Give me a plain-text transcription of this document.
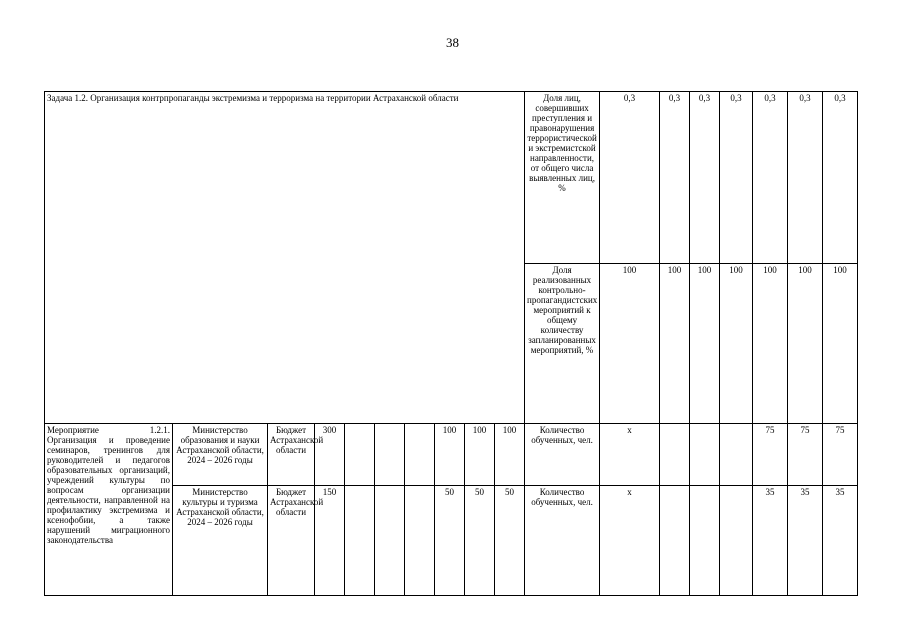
38
Задача 1.2. Организация контрпропаганды экстремизма и терроризма на территории Астраханской области										Доля лиц, совершивших преступления и правонарушения террористической и экстремистской направленности, от общего числа выявленных лиц, %	0,3	0,3	0,3	0,3	0,3	0,3	0,3
										Доля реализованных контрольно-пропагандистских мероприятий к общему количеству запланированных мероприятий, %	100	100	100	100	100	100	100
Мероприятие 1.2.1. Организация и проведение семинаров, тренингов для руководителей и педагогов образовательных организаций, учреждений культуры по вопросам организации деятельности, направленной на профилактику экстремизма и ксенофобии, а также нарушений миграционного законодательства	Министерство образования и науки Астраханской области, 2024 – 2026 годы	Бюджет Астраханской области	300				100	100	100	Количество обученных, чел.	х				75	75	75
	Министерство культуры и туризма Астраханской области, 2024 – 2026 годы	Бюджет Астраханской области	150				50	50	50	Количество обученных, чел.	х				35	35	35
